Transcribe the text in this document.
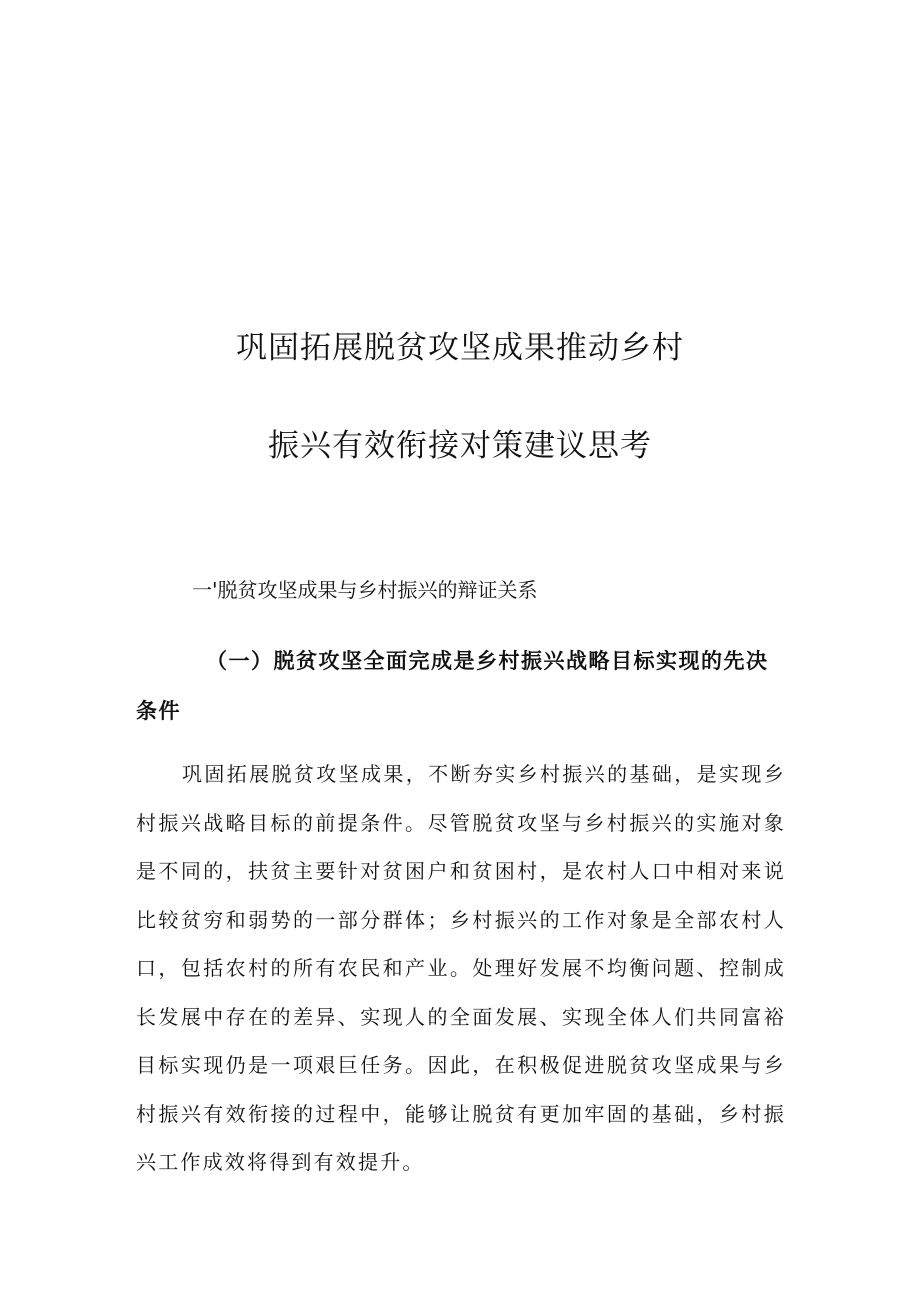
巩固拓展脱贫攻坚成果推动乡村
振兴有效衔接对策建议思考
一'脱贫攻坚成果与乡村振兴的辩证关系
（一）脱贫攻坚全面完成是乡村振兴战略目标实现的先决条件
巩固拓展脱贫攻坚成果，不断夯实乡村振兴的基础，是实现乡村振兴战略目标的前提条件。尽管脱贫攻坚与乡村振兴的实施对象是不同的，扶贫主要针对贫困户和贫困村，是农村人口中相对来说比较贫穷和弱势的一部分群体；乡村振兴的工作对象是全部农村人口，包括农村的所有农民和产业。处理好发展不均衡问题、控制成长发展中存在的差异、实现人的全面发展、实现全体人们共同富裕目标实现仍是一项艰巨任务。因此，在积极促进脱贫攻坚成果与乡村振兴有效衔接的过程中，能够让脱贫有更加牢固的基础，乡村振兴工作成效将得到有效提升。
